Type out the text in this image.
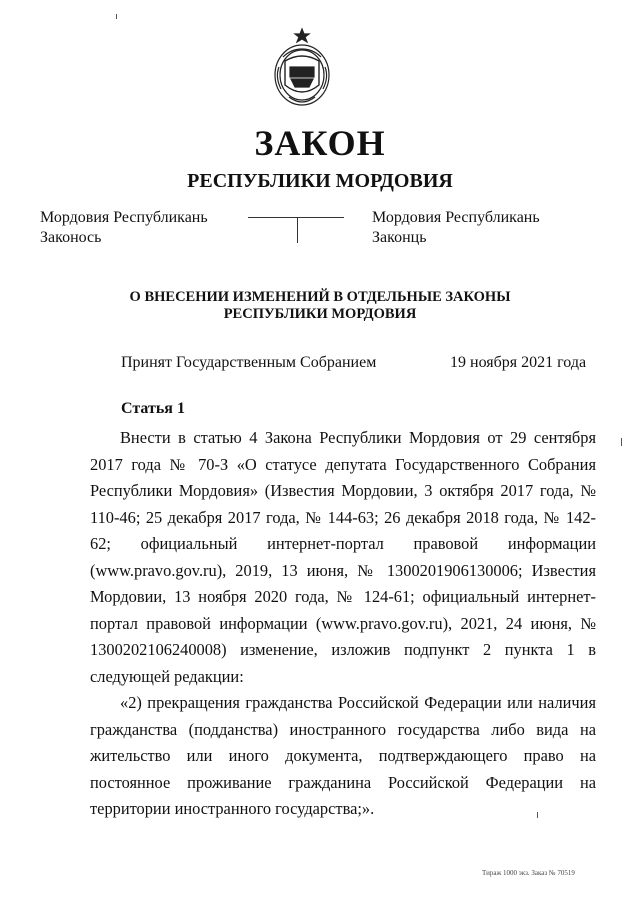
ЗАКОН
РЕСПУБЛИКИ МОРДОВИЯ
Мордовия Республикань
Законось
Мордовия Республикань
Законць
О ВНЕСЕНИИ ИЗМЕНЕНИЙ В ОТДЕЛЬНЫЕ ЗАКОНЫ
РЕСПУБЛИКИ МОРДОВИЯ
Принят Государственным Собранием	19 ноября 2021 года
Статья 1

Внести в статью 4 Закона Республики Мордовия от 29 сентября 2017 года № 70-З «О статусе депутата Государственного Собрания Республики Мордовия» (Известия Мордовии, 3 октября 2017 года, № 110-46; 25 декабря 2017 года, № 144-63; 26 декабря 2018 года, № 142-62; официальный интернет-портал правовой информации (www.pravo.gov.ru), 2019, 13 июня, № 1300201906130006; Известия Мордовии, 13 ноября 2020 года, № 124-61; официальный интернет-портал правовой информации (www.pravo.gov.ru), 2021, 24 июня, № 1300202106240008) изменение, изложив подпункт 2 пункта 1 в следующей редакции:

«2) прекращения гражданства Российской Федерации или наличия гражданства (подданства) иностранного государства либо вида на жительство или иного документа, подтверждающего право на постоянное проживание гражданина Российской Федерации на территории иностранного государства;».

Тираж 1000 экз. Заказ № 70519
